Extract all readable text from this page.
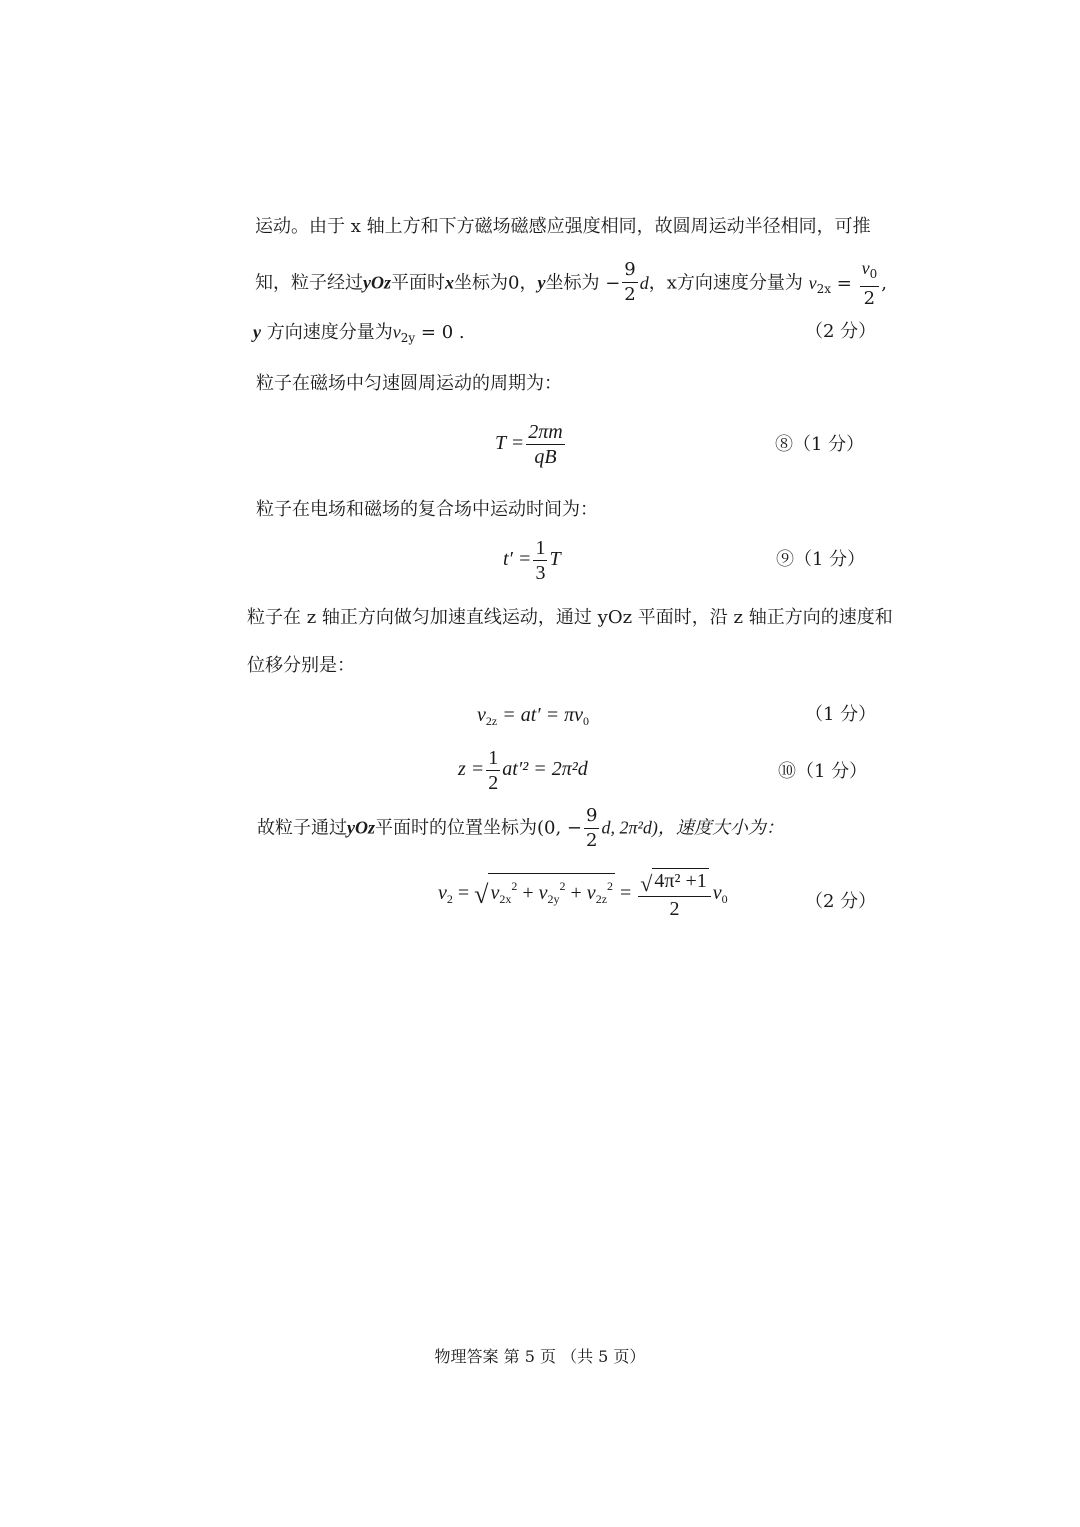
运动。由于 x 轴上方和下方磁场磁感应强度相同，故圆周运动半径相同，可推
知，粒子经过yOz平面时x坐标为0，y坐标为 − $\frac{9}{2}$ d，x方向速度分量为 $v_{2x} = \frac{v_0}{2}$ ,
y 方向速度分量为$v_{2y} = 0$ .	（2 分）
粒子在磁场中匀速圆周运动的周期为：
$T = \frac{2\pi m}{qB}$	⑧（1 分）
粒子在电场和磁场的复合场中运动时间为：
$t' = \frac{1}{3}$ T	⑨（1 分）
粒子在 z 轴正方向做匀加速直线运动，通过 yOz 平面时，沿 z 轴正方向的速度和
位移分别是：
$v_{2z} = at' = \pi v_0$	（1 分）
$z = \frac{1}{2} at'^2 = 2\pi^2d$	⑩（1 分）
故粒子通过yOz平面时的位置坐标为(0, − $\frac{9}{2} d$, 2π²d)，速度大小为：
$v_2$ = √ $v_{2x}^2 + v_{2y}^2 + v_{2z}^2 = \frac{\text{√ 4π² +1}}{2} v_0$	（2 分）
物理答案 第 5 页 （共 5 页）
